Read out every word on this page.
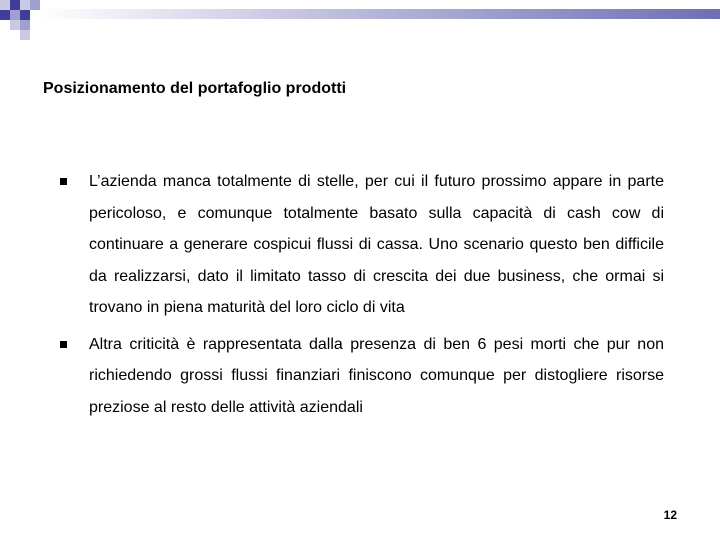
Posizionamento del portafoglio prodotti
L’azienda manca totalmente di stelle, per cui il futuro prossimo appare in parte pericoloso, e comunque totalmente basato sulla capacità di cash cow di continuare a generare cospicui flussi di cassa. Uno scenario questo ben difficile da realizzarsi, dato il limitato tasso di crescita dei due business, che ormai si trovano in piena maturità del loro ciclo di vita
Altra criticità è rappresentata dalla presenza di ben 6 pesi morti che pur non richiedendo grossi flussi finanziari finiscono comunque per distogliere risorse preziose al resto delle attività aziendali
12
